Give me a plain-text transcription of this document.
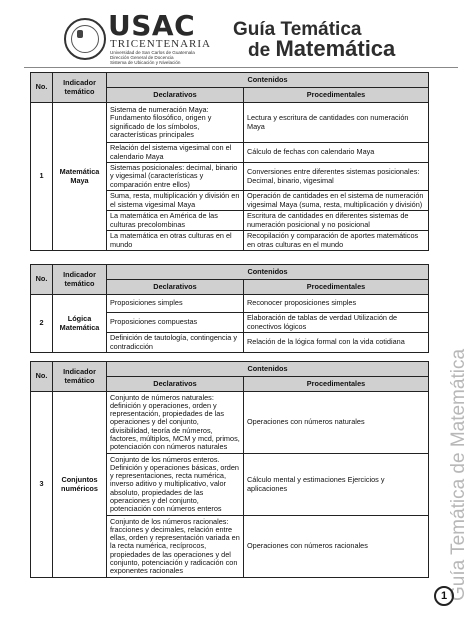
USAC
TRICENTENARIA
Universidad de San Carlos de Guatemala
Dirección General de Docencia
Sistema de Ubicación y Nivelación
Guía Temática
de Matemática
No.	Indicador temático	Contenidos	
		Declarativos	Procedimentales
1	Matemática Maya	Sistema de numeración Maya: Fundamento filosófico, origen y significado de los símbolos, características principales	Lectura y escritura de cantidades con numeración Maya
		Relación del sistema vigesimal con el calendario Maya	Cálculo de fechas con calendario Maya
		Sistemas posicionales: decimal, binario y vigesimal (características y comparación entre ellos)	Conversiones entre diferentes sistemas posicionales: Decimal, binario, vigesimal
		Suma, resta, multiplicación y división en el sistema vigesimal Maya	Operación de cantidades en el sistema de numeración vigesimal Maya (suma, resta, multiplicación y división)
		La matemática en América de las culturas precolombinas	Escritura de cantidades en diferentes sistemas de numeración posicional y no posicional
		La matemática en otras culturas en el mundo	Recopilación y comparación de aportes matemáticos en otras culturas en el mundo
No.	Indicador temático	Contenidos	
		Declarativos	Procedimentales
2	Lógica Matemática	Proposiciones simples	Reconocer proposiciones simples
		Proposiciones compuestas	Elaboración de tablas de verdad Utilización de conectivos lógicos
		Definición de tautología, contingencia y contradicción	Relación de la lógica formal con la vida cotidiana
No.	Indicador temático	Contenidos	
		Declarativos	Procedimentales
3	Conjuntos numéricos	Conjunto de números naturales: definición y operaciones, orden y representación, propiedades de las operaciones y del conjunto, divisibilidad, teoría de números, factores, múltiplos, MCM y mcd, primos, potenciación con números naturales	Operaciones con números naturales
		Conjunto de los números enteros. Definición y operaciones básicas, orden y representaciones, recta numérica, inverso aditivo y multiplicativo, valor absoluto, propiedades de las operaciones y del conjunto, potenciación con números enteros	Cálculo mental y estimaciones Ejercicios y aplicaciones
		Conjunto de los números racionales: fracciones y decimales, relación entre ellas, orden y representación variada en la recta numérica, recíprocos, propiedades de las operaciones y del conjunto, potenciación y radicación con exponentes racionales	Operaciones con números racionales	Guía Temática de Matemática
1
